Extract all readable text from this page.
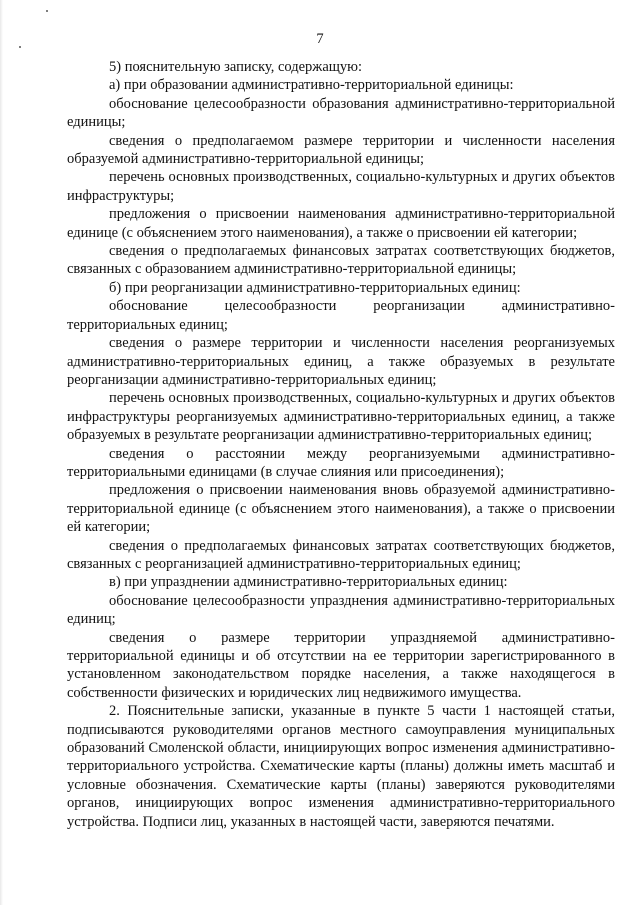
7

5) пояснительную записку, содержащую:

а) при образовании административно-территориальной единицы:

обоснование целесообразности образования административно-территориальной единицы;

сведения о предполагаемом размере территории и численности населения образуемой административно-территориальной единицы;

перечень основных производственных, социально-культурных и других объектов инфраструктуры;

предложения о присвоении наименования административно-территориальной единице (с объяснением этого наименования), а также о присвоении ей категории;

сведения о предполагаемых финансовых затратах соответствующих бюджетов, связанных с образованием административно-территориальной единицы;

б) при реорганизации административно-территориальных единиц:

обоснование целесообразности реорганизации административно-территориальных единиц;

сведения о размере территории и численности населения реорганизуемых административно-территориальных единиц, а также образуемых в результате реорганизации административно-территориальных единиц;

перечень основных производственных, социально-культурных и других объектов инфраструктуры реорганизуемых административно-территориальных единиц, а также образуемых в результате реорганизации административно-территориальных единиц;

сведения о расстоянии между реорганизуемыми административно-территориальными единицами (в случае слияния или присоединения);

предложения о присвоении наименования вновь образуемой административно-территориальной единице (с объяснением этого наименования), а также о присвоении ей категории;

сведения о предполагаемых финансовых затратах соответствующих бюджетов, связанных с реорганизацией административно-территориальных единиц;

в) при упразднении административно-территориальных единиц:

обоснование целесообразности упразднения административно-территориальных единиц;

сведения о размере территории упраздняемой административно-территориальной единицы и об отсутствии на ее территории зарегистрированного в установленном законодательством порядке населения, а также находящегося в собственности физических и юридических лиц недвижимого имущества.

2. Пояснительные записки, указанные в пункте 5 части 1 настоящей статьи, подписываются руководителями органов местного самоуправления муниципальных образований Смоленской области, инициирующих вопрос изменения административно-территориального устройства. Схематические карты (планы) должны иметь масштаб и условные обозначения. Схематические карты (планы) заверяются руководителями органов, инициирующих вопрос изменения административно-территориального устройства. Подписи лиц, указанных в настоящей части, заверяются печатями.
